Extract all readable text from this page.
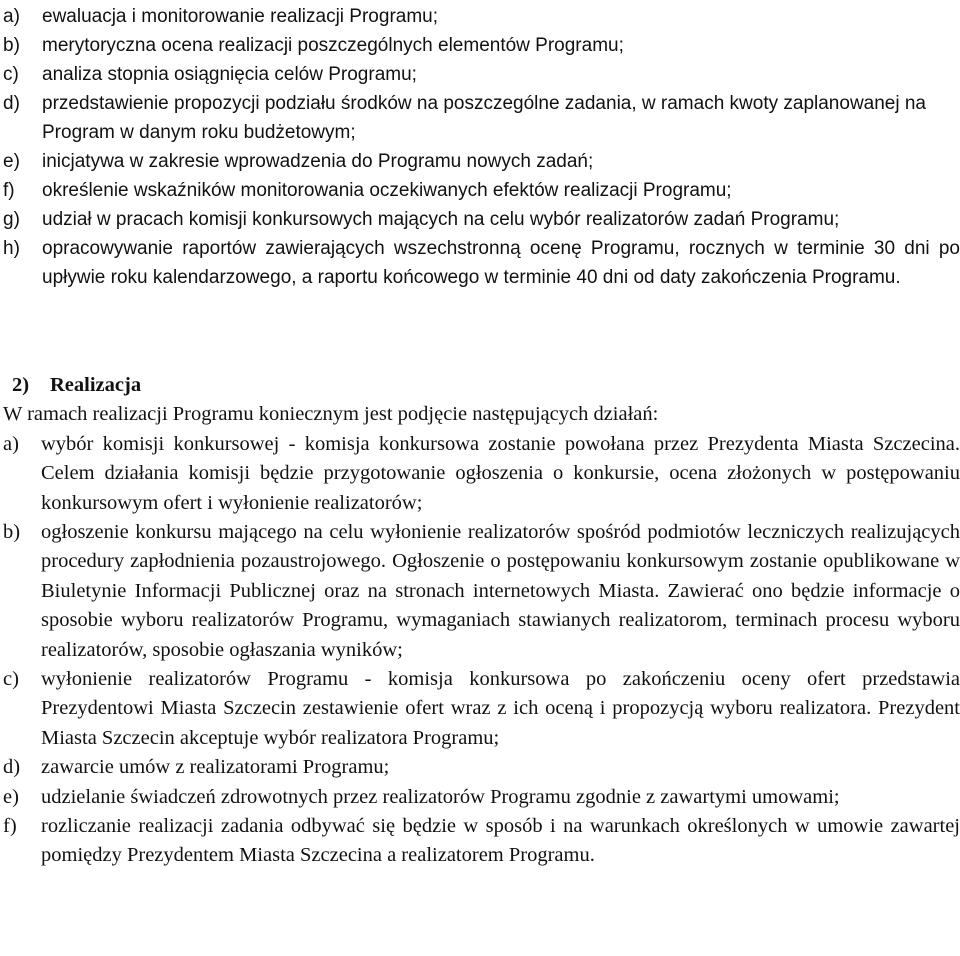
a) ewaluacja i monitorowanie realizacji Programu;
b) merytoryczna ocena realizacji poszczególnych elementów Programu;
c) analiza stopnia osiągnięcia celów Programu;
d) przedstawienie propozycji podziału środków na poszczególne zadania, w ramach kwoty zaplanowanej na Program w danym roku budżetowym;
e) inicjatywa w zakresie wprowadzenia do Programu nowych zadań;
f) określenie wskaźników monitorowania oczekiwanych efektów realizacji Programu;
g) udział w pracach komisji konkursowych mających na celu wybór realizatorów zadań Programu;
h) opracowywanie raportów zawierających wszechstronną ocenę Programu, rocznych w terminie 30 dni po upływie roku kalendarzowego, a raportu końcowego w terminie 40 dni od daty zakończenia Programu.
2) Realizacja
W ramach realizacji Programu koniecznym jest podjęcie następujących działań:
a) wybór komisji konkursowej - komisja konkursowa zostanie powołana przez Prezydenta Miasta Szczecina. Celem działania komisji będzie przygotowanie ogłoszenia o konkursie, ocena złożonych w postępowaniu konkursowym ofert i wyłonienie realizatorów;
b) ogłoszenie konkursu mającego na celu wyłonienie realizatorów spośród podmiotów leczniczych realizujących procedury zapłodnienia pozaustrojowego. Ogłoszenie o postępowaniu konkursowym zostanie opublikowane w Biuletynie Informacji Publicznej oraz na stronach internetowych Miasta. Zawierać ono będzie informacje o sposobie wyboru realizatorów Programu, wymaganiach stawianych realizatorom, terminach procesu wyboru realizatorów, sposobie ogłaszania wyników;
c) wyłonienie realizatorów Programu - komisja konkursowa po zakończeniu oceny ofert przedstawia Prezydentowi Miasta Szczecin zestawienie ofert wraz z ich oceną i propozycją wyboru realizatora. Prezydent Miasta Szczecin akceptuje wybór realizatora Programu;
d) zawarcie umów z realizatorami Programu;
e) udzielanie świadczeń zdrowotnych przez realizatorów Programu zgodnie z zawartymi umowami;
f) rozliczanie realizacji zadania odbywać się będzie w sposób i na warunkach określonych w umowie zawartej pomiędzy Prezydentem Miasta Szczecina a realizatorem Programu.
